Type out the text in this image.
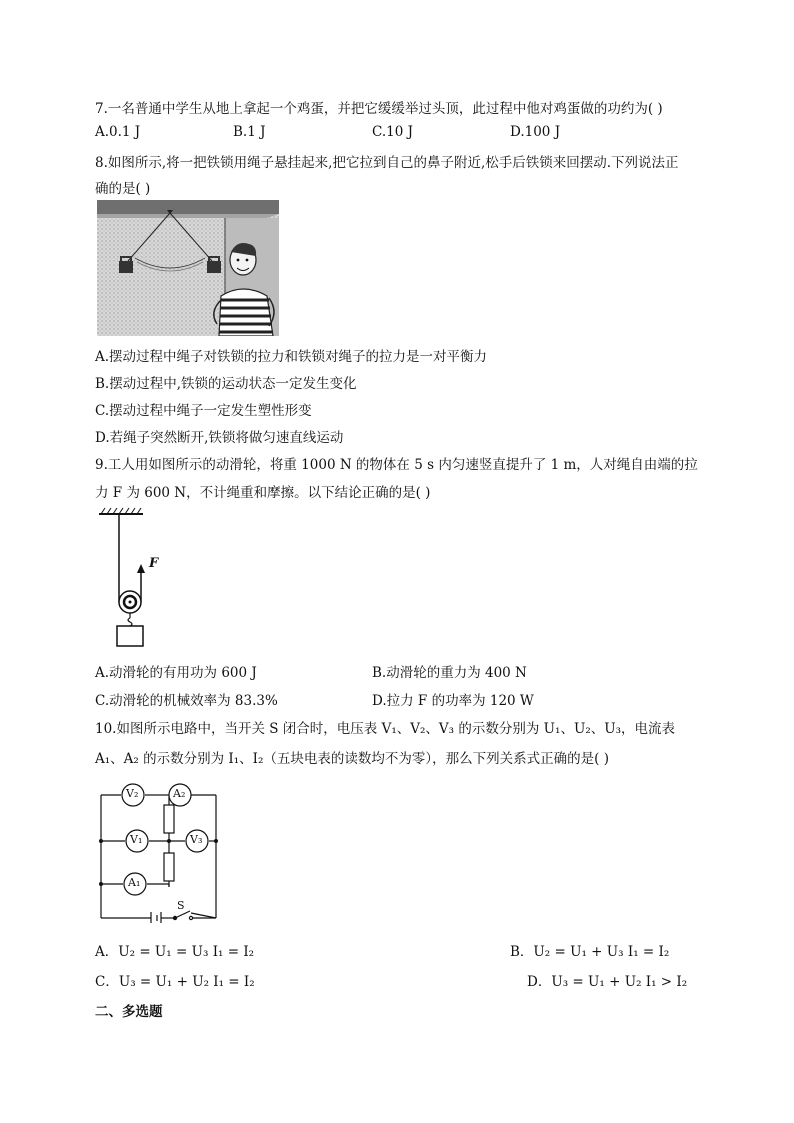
7.一名普通中学生从地上拿起一个鸡蛋，并把它缓缓举过头顶，此过程中他对鸡蛋做的功约为( )
A.0.1 J	B.1 J	C.10 J	D.100 J
8.如图所示,将一把铁锁用绳子悬挂起来,把它拉到自己的鼻子附近,松手后铁锁来回摆动.下列说法正
确的是( )
A.摆动过程中绳子对铁锁的拉力和铁锁对绳子的拉力是一对平衡力
B.摆动过程中,铁锁的运动状态一定发生变化
C.摆动过程中绳子一定发生塑性形变
D.若绳子突然断开,铁锁将做匀速直线运动
9.工人用如图所示的动滑轮，将重 1000 N 的物体在 5 s 内匀速竖直提升了 1 m，人对绳自由端的拉
力 F 为 600 N，不计绳重和摩擦。以下结论正确的是( )
F
A.动滑轮的有用功为 600 J	B.动滑轮的重力为 400 N
C.动滑轮的机械效率为 83.3%	D.拉力 F 的功率为 120 W
10.如图所示电路中，当开关 S 闭合时，电压表 V₁、V₂、V₃ 的示数分别为 U₁、U₂、U₃，电流表
A₁、A₂ 的示数分别为 I₁、I₂（五块电表的读数均不为零），那么下列关系式正确的是( )
V₂	A₂
V₁	V₃
A₁
S
A．U₂ = U₁ = U₃ I₁ = I₂	B．U₂ = U₁ + U₃ I₁ = I₂
C．U₃ = U₁ + U₂ I₁ = I₂	D．U₃ = U₁ + U₂ I₁ > I₂
二、多选题
